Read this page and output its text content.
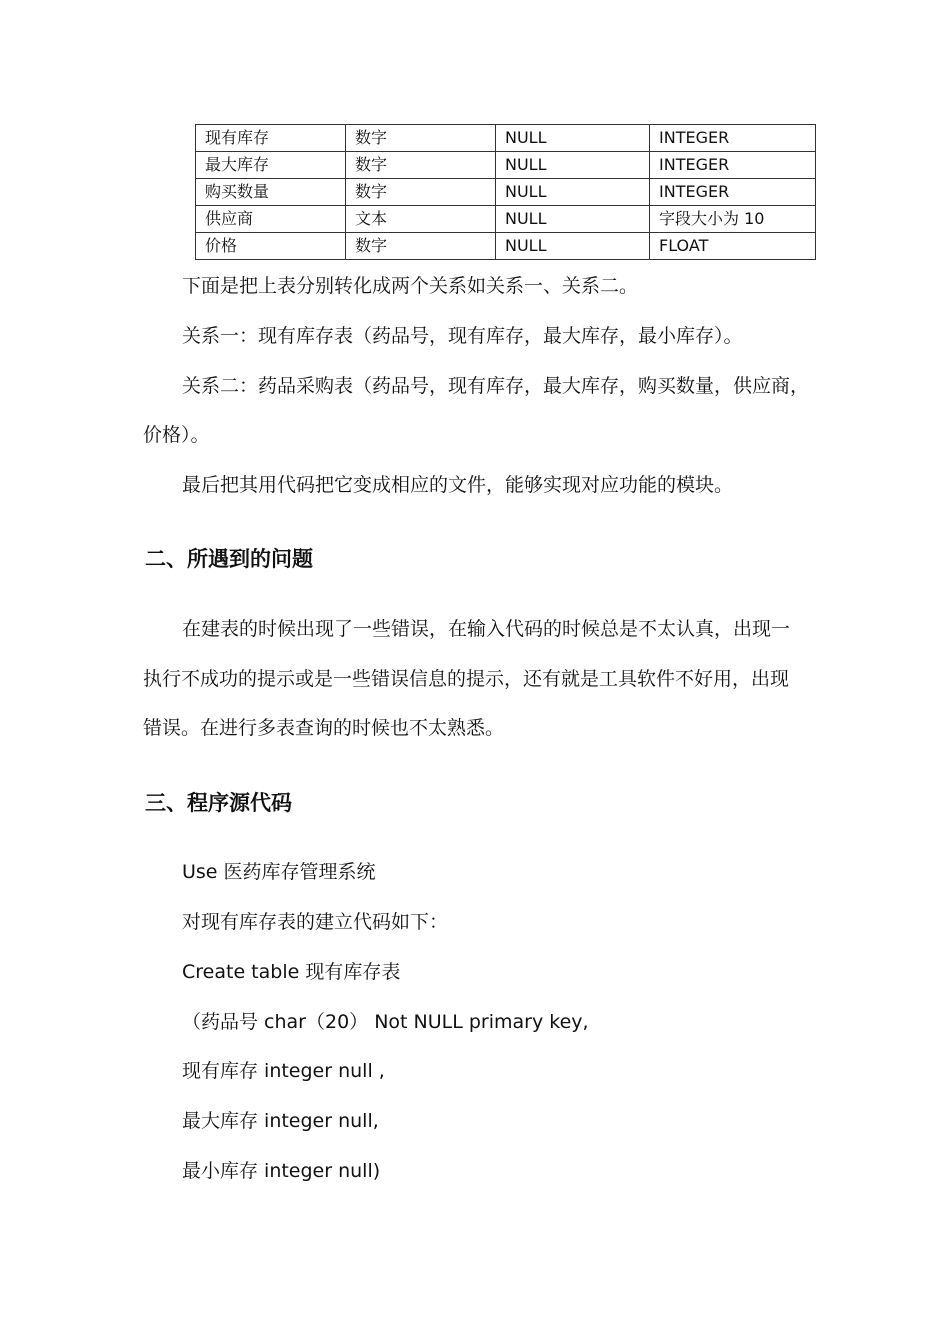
现有库存	数字	NULL	INTEGER
最大库存	数字	NULL	INTEGER
购买数量	数字	NULL	INTEGER
供应商	文本	NULL	字段大小为 10
价格	数字	NULL	FLOAT
下面是把上表分别转化成两个关系如关系一、关系二。
关系一：现有库存表（药品号，现有库存，最大库存，最小库存）。
关系二：药品采购表（药品号，现有库存，最大库存，购买数量，供应商，
价格）。
最后把其用代码把它变成相应的文件，能够实现对应功能的模块。
二、所遇到的问题
在建表的时候出现了一些错误，在输入代码的时候总是不太认真，出现一
执行不成功的提示或是一些错误信息的提示，还有就是工具软件不好用，出现
错误。在进行多表查询的时候也不太熟悉。
三、程序源代码
Use 医药库存管理系统
对现有库存表的建立代码如下：
Create table 现有库存表
（药品号 char（20） Not NULL primary key,
现有库存 integer null ,
最大库存 integer null,
最小库存 integer null)
